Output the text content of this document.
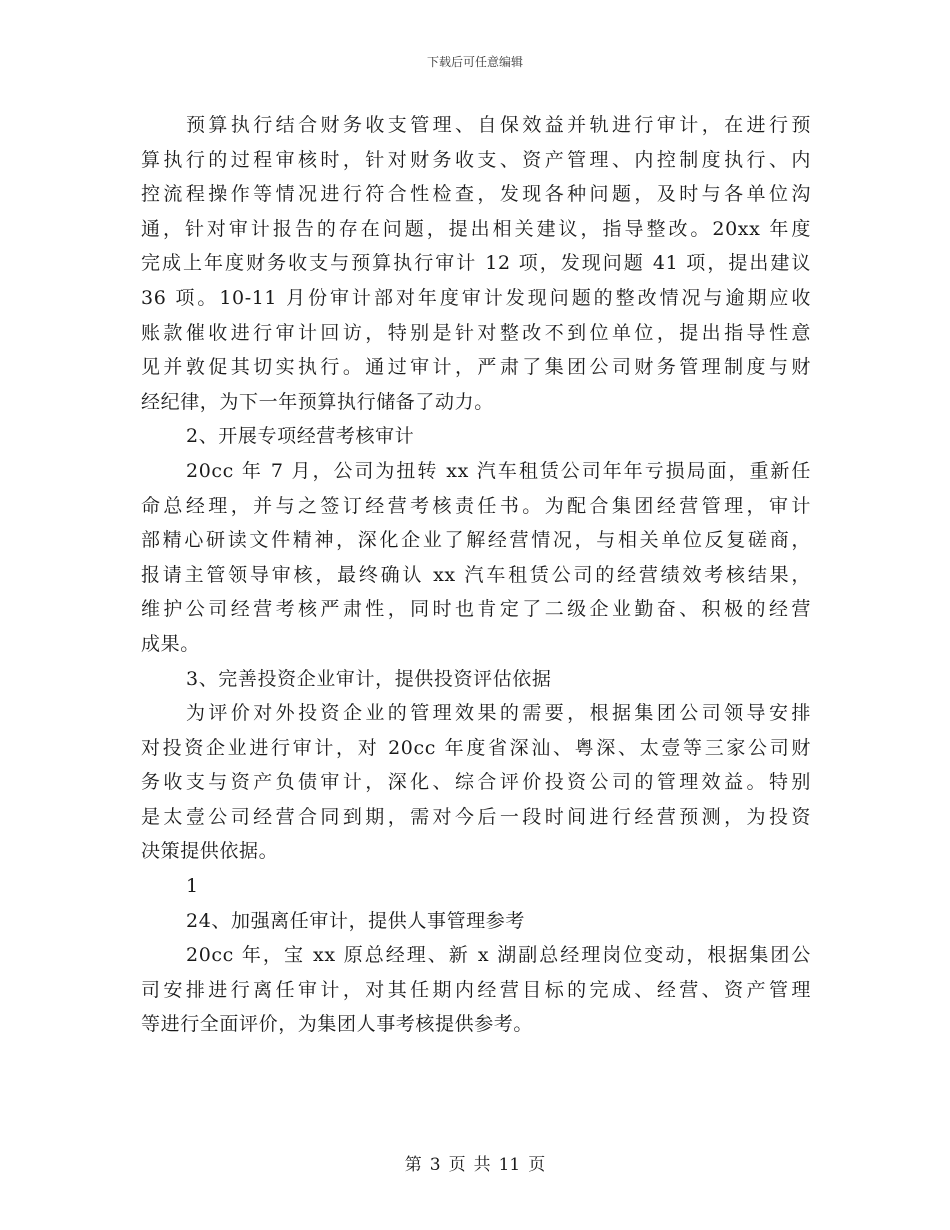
下载后可任意编辑
预算执行结合财务收支管理、自保效益并轨进行审计，在进行预
算执行的过程审核时，针对财务收支、资产管理、内控制度执行、内
控流程操作等情况进行符合性检查，发现各种问题，及时与各单位沟
通，针对审计报告的存在问题，提出相关建议，指导整改。20xx 年度
完成上年度财务收支与预算执行审计 12 项，发现问题 41 项，提出建议
36 项。10-11 月份审计部对年度审计发现问题的整改情况与逾期应收
账款催收进行审计回访，特别是针对整改不到位单位，提出指导性意
见并敦促其切实执行。通过审计，严肃了集团公司财务管理制度与财
经纪律，为下一年预算执行储备了动力。
2、开展专项经营考核审计
20cc 年 7 月，公司为扭转 xx 汽车租赁公司年年亏损局面，重新任
命总经理，并与之签订经营考核责任书。为配合集团经营管理，审计
部精心研读文件精神，深化企业了解经营情况，与相关单位反复磋商，
报请主管领导审核，最终确认 xx 汽车租赁公司的经营绩效考核结果，
维护公司经营考核严肃性，同时也肯定了二级企业勤奋、积极的经营
成果。
3、完善投资企业审计，提供投资评估依据
为评价对外投资企业的管理效果的需要，根据集团公司领导安排
对投资企业进行审计，对 20cc 年度省深汕、粤深、太壹等三家公司财
务收支与资产负债审计，深化、综合评价投资公司的管理效益。特别
是太壹公司经营合同到期，需对今后一段时间进行经营预测，为投资
决策提供依据。
1
24、加强离任审计，提供人事管理参考
20cc 年，宝 xx 原总经理、新 x 湖副总经理岗位变动，根据集团公
司安排进行离任审计，对其任期内经营目标的完成、经营、资产管理
等进行全面评价，为集团人事考核提供参考。
第 3 页 共 11 页
